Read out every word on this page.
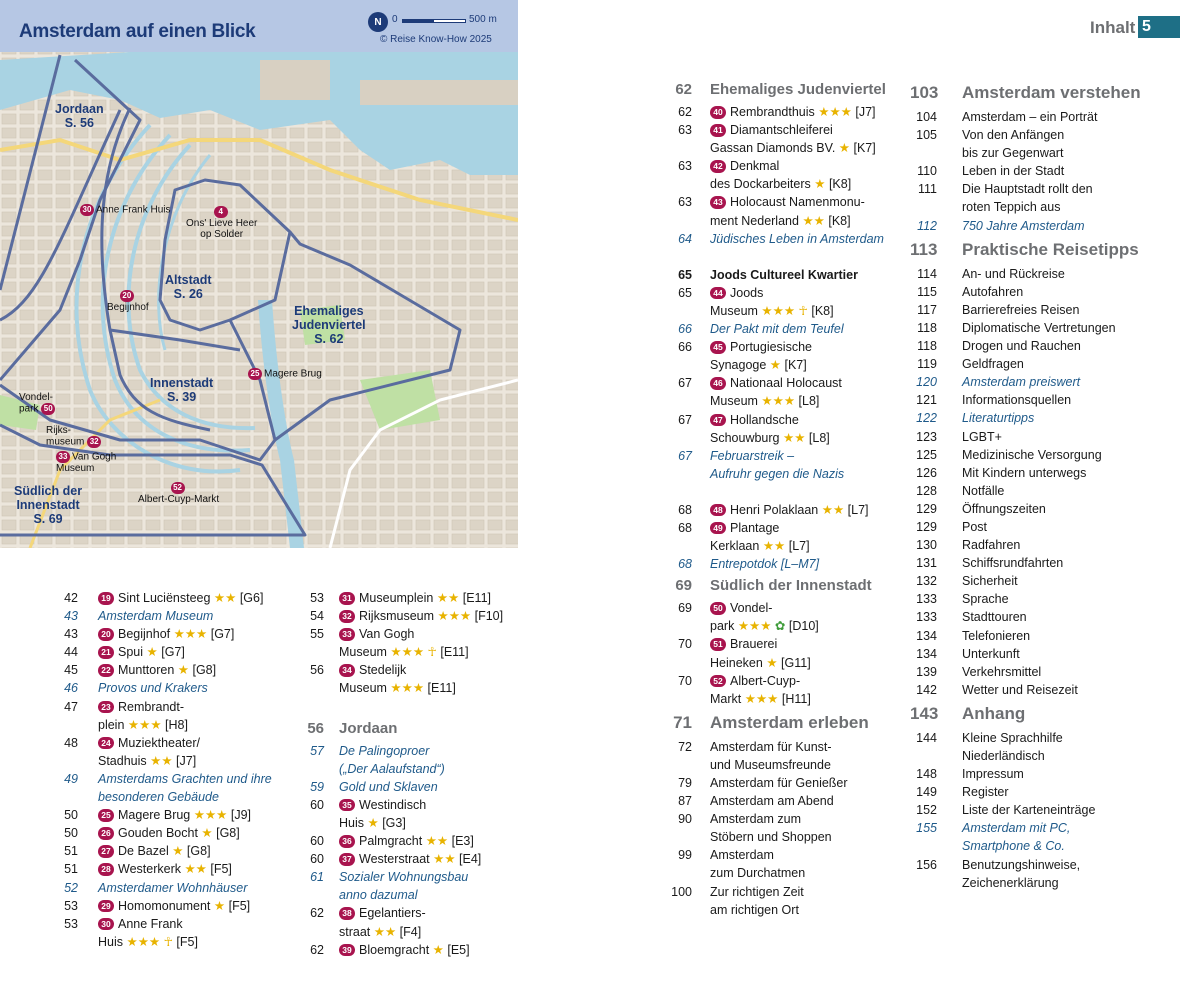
Amsterdam auf einen Blick	N	0	500 m
© Reise Know-How 2025
Jordaan
S. 56
Altstadt
S. 26
Ehemaliges
Judenviertel
S. 62
Innenstadt
S. 39
Südlich der
Innenstadt
S. 69
30 Anne Frank Huis	4
Ons' Lieve Heer
op Solder
20
Begijnhof
25 Magere Brug
Vondel-
park 50
Rijks-
museum 32
33 Van Gogh
Museum
52
Albert-Cuyp-Markt
Inhalt 5
42	19 Sint Luciënsteeg ★★ [G6]
43 Amsterdam Museum
43	20 Begijnhof ★★★ [G7]
44	21 Spui ★ [G7]
45	22 Munttoren ★ [G8]
46 Provos und Krakers
47	23 Rembrandt-
plein ★★★ [H8]
48	24 Muziektheater/
Stadhuis ★★ [J7]
49 Amsterdams Grachten und ihre
besonderen Gebäude
50	25 Magere Brug ★★★ [J9]
50	26 Gouden Bocht ★ [G8]
51	27 De Bazel ★ [G8]
51	28 Westerkerk ★★ [F5]
52 Amsterdamer Wohnhäuser
53	29 Homomonument ★ [F5]
53	30 Anne Frank
Huis ★★★ ☥ [F5]
53	31 Museumplein ★★ [E11]
54	32 Rijksmuseum ★★★ [F10]
55	33 Van Gogh
Museum ★★★ ☥ [E11]
56	34 Stedelijk
Museum ★★★ [E11]
56 Jordaan
57 De Palingoproer
(„Der Aalaufstand“)
59 Gold und Sklaven
60	35 Westindisch
Huis ★ [G3]
60	36 Palmgracht ★★ [E3]
60	37 Westerstraat ★★ [E4]
61 Sozialer Wohnungsbau
anno dazumal
62	38 Egelantiers-
straat ★★ [F4]
62	39 Bloemgracht ★ [E5]
62 Ehemaliges Judenviertel
62	40 Rembrandthuis ★★★ [J7]
63	41 Diamantschleiferei
Gassan Diamonds BV. ★ [K7]
63	42 Denkmal
des Dockarbeiters ★ [K8]
63	43 Holocaust Namenmonu-
ment Nederland ★★ [K8]
64 Jüdisches Leben in Amsterdam
65 Joods Cultureel Kwartier
65	44 Joods
Museum ★★★ ☥ [K8]
66 Der Pakt mit dem Teufel
66	45 Portugiesische
Synagoge ★ [K7]
67	46 Nationaal Holocaust
Museum ★★★ [L8]
67	47 Hollandsche
Schouwburg ★★ [L8]
67 Februarstreik –
Aufruhr gegen die Nazis
68	48 Henri Polaklaan ★★ [L7]
68	49 Plantage
Kerklaan ★★ [L7]
68 Entrepotdok [L–M7]
69 Südlich der Innenstadt
69	50 Vondel-
park ★★★ ✿ [D10]
70	51 Brauerei
Heineken ★ [G11]
70	52 Albert-Cuyp-
Markt ★★★ [H11]
71 Amsterdam erleben
72 Amsterdam für Kunst-
und Museumsfreunde
79 Amsterdam für Genießer
87 Amsterdam am Abend
90 Amsterdam zum
Stöbern und Shoppen
99 Amsterdam
zum Durchatmen
100 Zur richtigen Zeit
am richtigen Ort
103 Amsterdam verstehen
104 Amsterdam – ein Porträt
105 Von den Anfängen
bis zur Gegenwart
110 Leben in der Stadt
111 Die Hauptstadt rollt den
roten Teppich aus
112 750 Jahre Amsterdam
113 Praktische Reisetipps
114 An- und Rückreise
115 Autofahren
117 Barrierefreies Reisen
118 Diplomatische Vertretungen
118 Drogen und Rauchen
119 Geldfragen
120 Amsterdam preiswert
121 Informationsquellen
122 Literaturtipps
123 LGBT+
125 Medizinische Versorgung
126 Mit Kindern unterwegs
128 Notfälle
129 Öffnungszeiten
129 Post
130 Radfahren
131 Schiffsrundfahrten
132 Sicherheit
133 Sprache
133 Stadttouren
134 Telefonieren
134 Unterkunft
139 Verkehrsmittel
142 Wetter und Reisezeit
143 Anhang
144 Kleine Sprachhilfe
Niederländisch
148 Impressum
149 Register
152 Liste der Karteneinträge
155 Amsterdam mit PC,
Smartphone & Co.
156 Benutzungshinweise,
Zeichenerklärung
